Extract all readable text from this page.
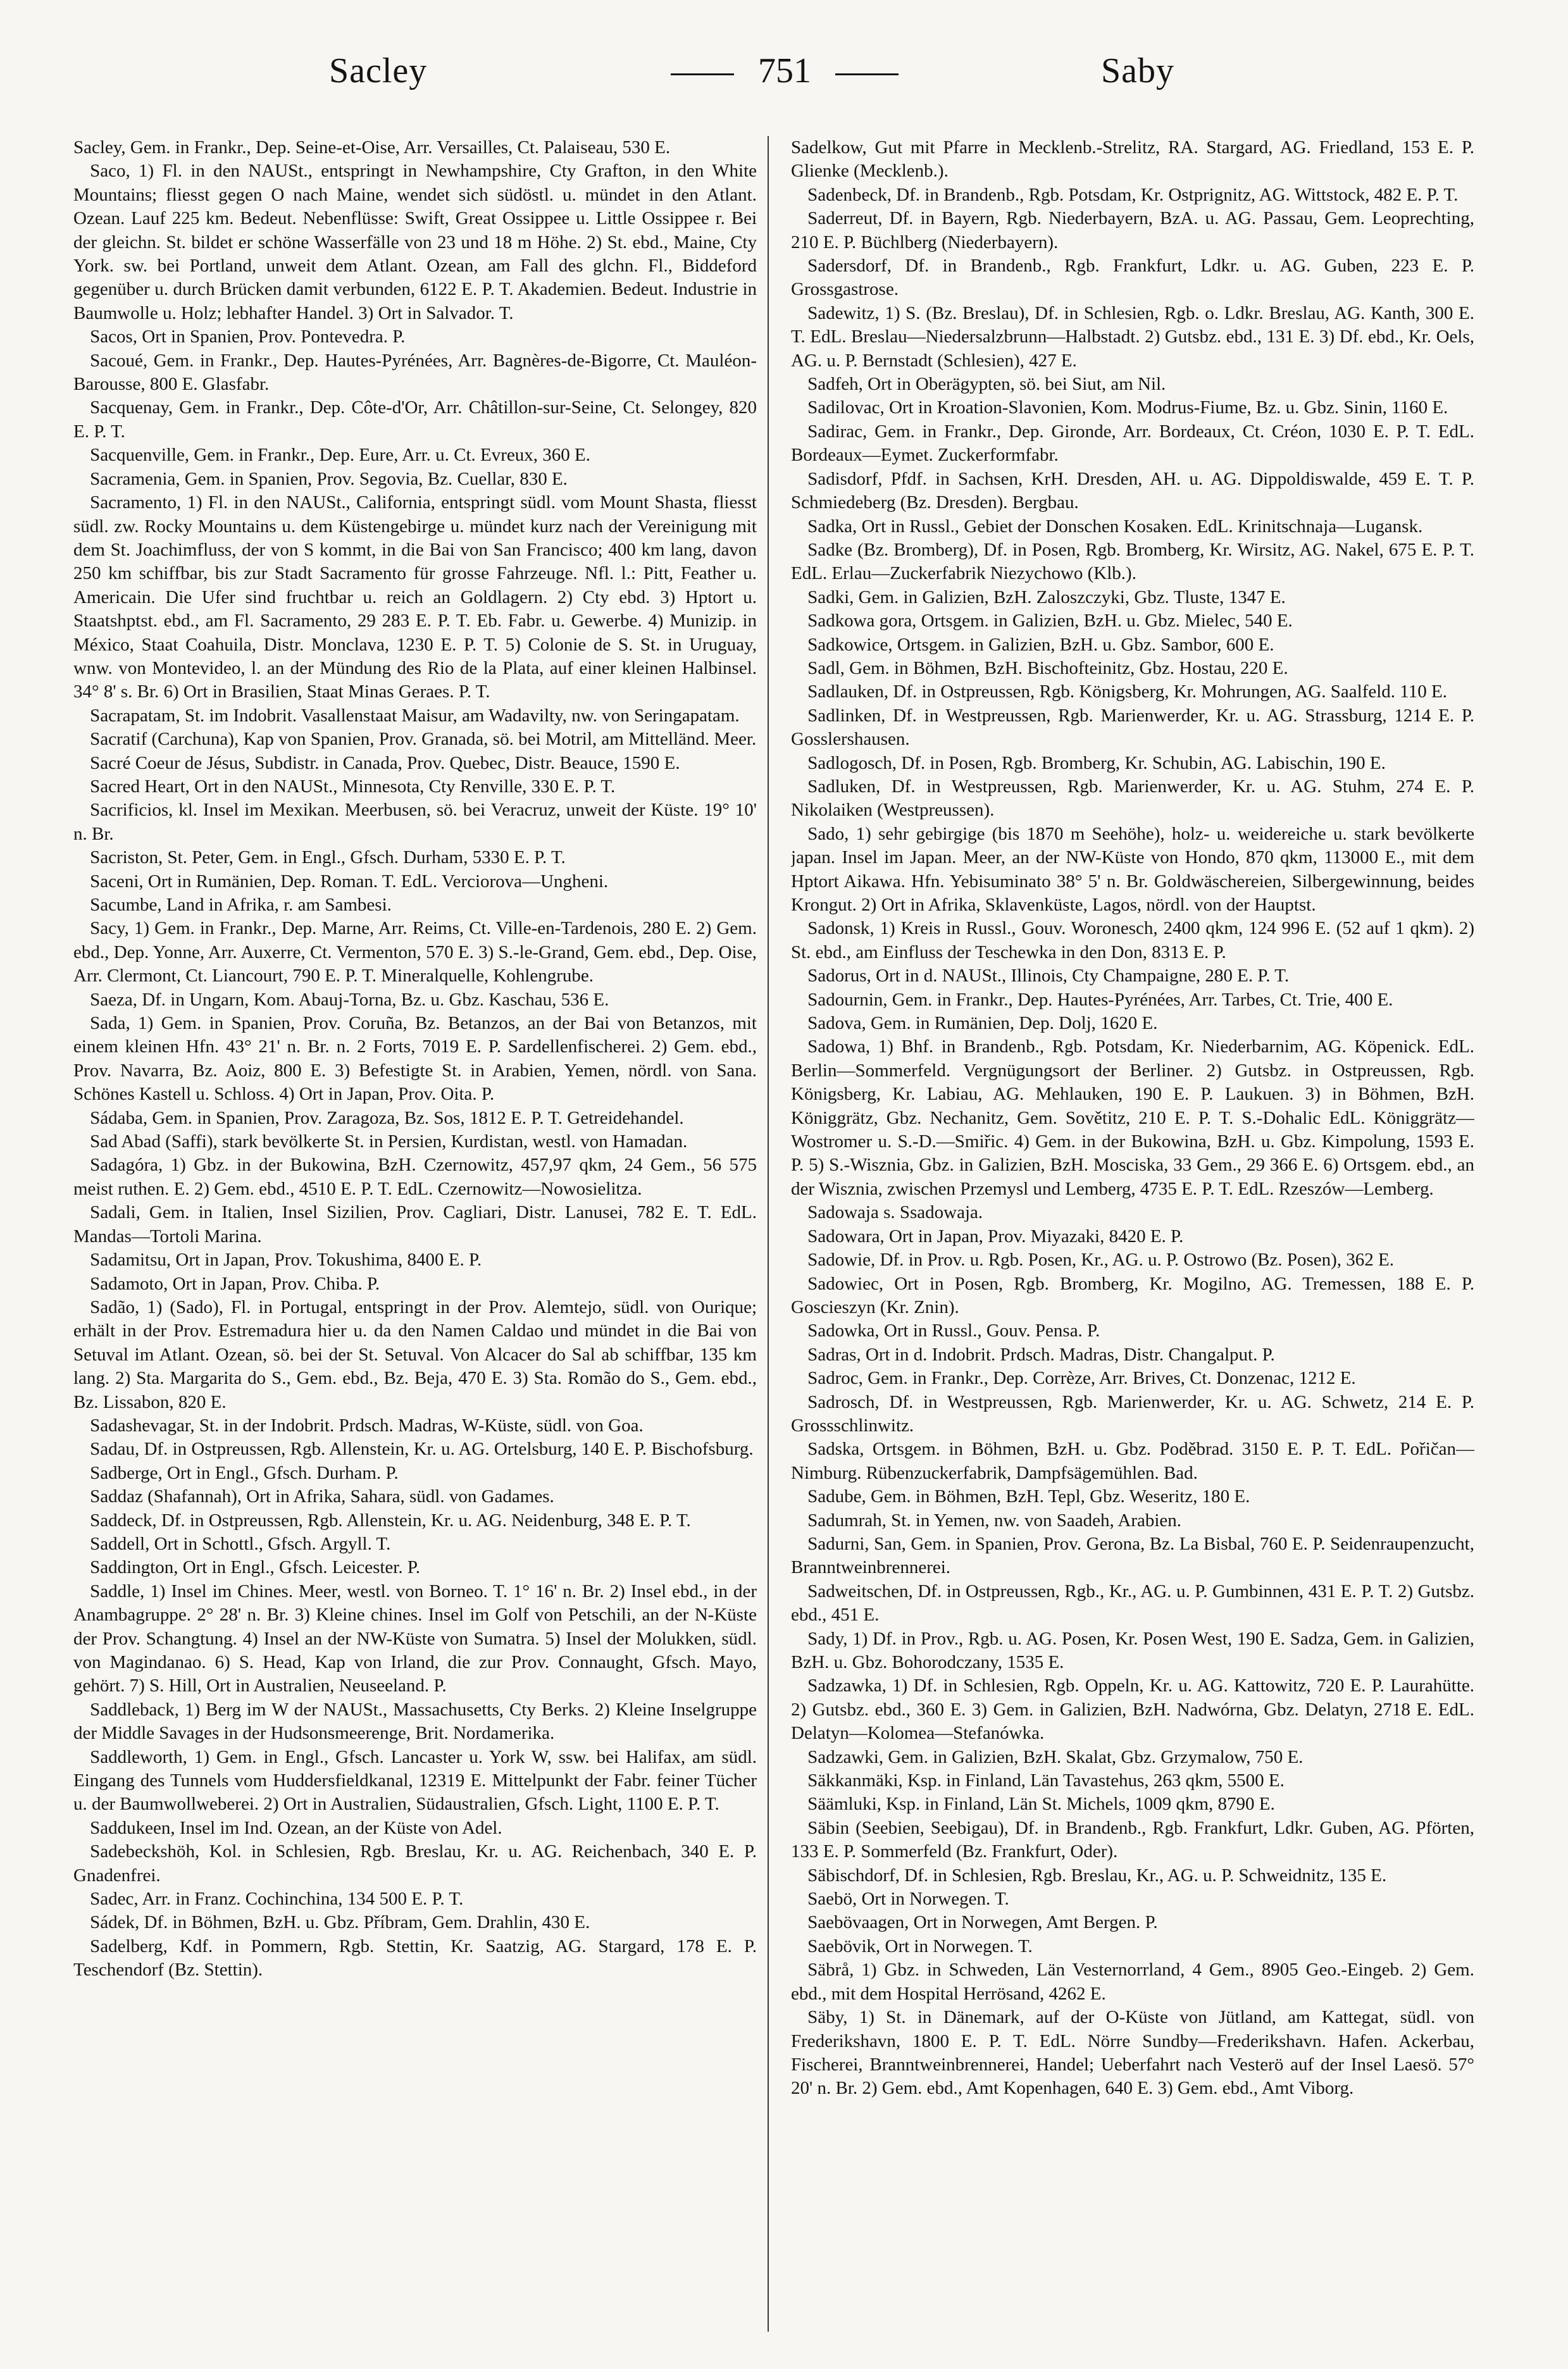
Sacley	751	Saby

Sacley, Gem. in Frankr., Dep. Seine-et-Oise, Arr. Versailles, Ct. Palaiseau, 530 E.

Saco, 1) Fl. in den NAUSt., entspringt in Newhampshire, Cty Grafton, in den White Mountains; fliesst gegen O nach Maine, wendet sich südöstl. u. mündet in den Atlant. Ozean. Lauf 225 km. Bedeut. Nebenflüsse: Swift, Great Ossippee u. Little Ossippee r. Bei der gleichn. St. bildet er schöne Wasserfälle von 23 und 18 m Höhe. 2) St. ebd., Maine, Cty York. sw. bei Portland, unweit dem Atlant. Ozean, am Fall des glchn. Fl., Biddeford gegenüber u. durch Brücken damit verbunden, 6122 E. P. T. Akademien. Bedeut. Industrie in Baumwolle u. Holz; lebhafter Handel. 3) Ort in Salvador. T.

Sacos, Ort in Spanien, Prov. Pontevedra. P.

Sacoué, Gem. in Frankr., Dep. Hautes-Pyrénées, Arr. Bagnères-de-Bigorre, Ct. Mauléon-Barousse, 800 E. Glasfabr.

Sacquenay, Gem. in Frankr., Dep. Côte-d'Or, Arr. Châtillon-sur-Seine, Ct. Selongey, 820 E. P. T.

Sacquenville, Gem. in Frankr., Dep. Eure, Arr. u. Ct. Evreux, 360 E.

Sacramenia, Gem. in Spanien, Prov. Segovia, Bz. Cuellar, 830 E.

Sacramento, 1) Fl. in den NAUSt., California, entspringt südl. vom Mount Shasta, fliesst südl. zw. Rocky Mountains u. dem Küstengebirge u. mündet kurz nach der Vereinigung mit dem St. Joachimfluss, der von S kommt, in die Bai von San Francisco; 400 km lang, davon 250 km schiffbar, bis zur Stadt Sacramento für grosse Fahrzeuge. Nfl. l.: Pitt, Feather u. Americain. Die Ufer sind fruchtbar u. reich an Goldlagern. 2) Cty ebd. 3) Hptort u. Staatshptst. ebd., am Fl. Sacramento, 29 283 E. P. T. Eb. Fabr. u. Gewerbe. 4) Munizip. in México, Staat Coahuila, Distr. Monclava, 1230 E. P. T. 5) Colonie de S. St. in Uruguay, wnw. von Montevideo, l. an der Mündung des Rio de la Plata, auf einer kleinen Halbinsel. 34° 8' s. Br. 6) Ort in Brasilien, Staat Minas Geraes. P. T.

Sacrapatam, St. im Indobrit. Vasallenstaat Maisur, am Wadavilty, nw. von Seringapatam.

Sacratif (Carchuna), Kap von Spanien, Prov. Granada, sö. bei Motril, am Mittelländ. Meer.

Sacré Coeur de Jésus, Subdistr. in Canada, Prov. Quebec, Distr. Beauce, 1590 E.

Sacred Heart, Ort in den NAUSt., Minnesota, Cty Renville, 330 E. P. T.

Sacrificios, kl. Insel im Mexikan. Meerbusen, sö. bei Veracruz, unweit der Küste. 19° 10' n. Br.

Sacriston, St. Peter, Gem. in Engl., Gfsch. Durham, 5330 E. P. T.

Saceni, Ort in Rumänien, Dep. Roman. T. EdL. Verciorova—Ungheni.

Sacumbe, Land in Afrika, r. am Sambesi.

Sacy, 1) Gem. in Frankr., Dep. Marne, Arr. Reims, Ct. Ville-en-Tardenois, 280 E. 2) Gem. ebd., Dep. Yonne, Arr. Auxerre, Ct. Vermenton, 570 E. 3) S.-le-Grand, Gem. ebd., Dep. Oise, Arr. Clermont, Ct. Liancourt, 790 E. P. T. Mineralquelle, Kohlengrube.

Saeza, Df. in Ungarn, Kom. Abauj-Torna, Bz. u. Gbz. Kaschau, 536 E.

Sada, 1) Gem. in Spanien, Prov. Coruña, Bz. Betanzos, an der Bai von Betanzos, mit einem kleinen Hfn. 43° 21' n. Br. n. 2 Forts, 7019 E. P. Sardellenfischerei. 2) Gem. ebd., Prov. Navarra, Bz. Aoiz, 800 E. 3) Befestigte St. in Arabien, Yemen, nördl. von Sana. Schönes Kastell u. Schloss. 4) Ort in Japan, Prov. Oita. P.

Sádaba, Gem. in Spanien, Prov. Zaragoza, Bz. Sos, 1812 E. P. T. Getreidehandel.

Sad Abad (Saffi), stark bevölkerte St. in Persien, Kurdistan, westl. von Hamadan.

Sadagóra, 1) Gbz. in der Bukowina, BzH. Czernowitz, 457,97 qkm, 24 Gem., 56 575 meist ruthen. E. 2) Gem. ebd., 4510 E. P. T. EdL. Czernowitz—Nowosielitza.

Sadali, Gem. in Italien, Insel Sizilien, Prov. Cagliari, Distr. Lanusei, 782 E. T. EdL. Mandas—Tortoli Marina.

Sadamitsu, Ort in Japan, Prov. Tokushima, 8400 E. P.

Sadamoto, Ort in Japan, Prov. Chiba. P.

Sadão, 1) (Sado), Fl. in Portugal, entspringt in der Prov. Alemtejo, südl. von Ourique; erhält in der Prov. Estremadura hier u. da den Namen Caldao und mündet in die Bai von Setuval im Atlant. Ozean, sö. bei der St. Setuval. Von Alcacer do Sal ab schiffbar, 135 km lang. 2) Sta. Margarita do S., Gem. ebd., Bz. Beja, 470 E. 3) Sta. Romão do S., Gem. ebd., Bz. Lissabon, 820 E.

Sadashevagar, St. in der Indobrit. Prdsch. Madras, W-Küste, südl. von Goa.

Sadau, Df. in Ostpreussen, Rgb. Allenstein, Kr. u. AG. Ortelsburg, 140 E. P. Bischofsburg.

Sadberge, Ort in Engl., Gfsch. Durham. P.

Saddaz (Shafannah), Ort in Afrika, Sahara, südl. von Gadames.

Saddeck, Df. in Ostpreussen, Rgb. Allenstein, Kr. u. AG. Neidenburg, 348 E. P. T.

Saddell, Ort in Schottl., Gfsch. Argyll. T.

Saddington, Ort in Engl., Gfsch. Leicester. P.

Saddle, 1) Insel im Chines. Meer, westl. von Borneo. T. 1° 16' n. Br. 2) Insel ebd., in der Anambagruppe. 2° 28' n. Br. 3) Kleine chines. Insel im Golf von Petschili, an der N-Küste der Prov. Schangtung. 4) Insel an der NW-Küste von Sumatra. 5) Insel der Molukken, südl. von Magindanao. 6) S. Head, Kap von Irland, die zur Prov. Connaught, Gfsch. Mayo, gehört. 7) S. Hill, Ort in Australien, Neuseeland. P.

Saddleback, 1) Berg im W der NAUSt., Massachusetts, Cty Berks. 2) Kleine Inselgruppe der Middle Savages in der Hudsonsmeerenge, Brit. Nordamerika.

Saddleworth, 1) Gem. in Engl., Gfsch. Lancaster u. York W, ssw. bei Halifax, am südl. Eingang des Tunnels vom Huddersfieldkanal, 12319 E. Mittelpunkt der Fabr. feiner Tücher u. der Baumwollweberei. 2) Ort in Australien, Südaustralien, Gfsch. Light, 1100 E. P. T.

Saddukeen, Insel im Ind. Ozean, an der Küste von Adel.

Sadebeckshöh, Kol. in Schlesien, Rgb. Breslau, Kr. u. AG. Reichenbach, 340 E. P. Gnadenfrei.

Sadec, Arr. in Franz. Cochinchina, 134 500 E. P. T.

Sádek, Df. in Böhmen, BzH. u. Gbz. Příbram, Gem. Drahlin, 430 E.

Sadelberg, Kdf. in Pommern, Rgb. Stettin, Kr. Saatzig, AG. Stargard, 178 E. P. Teschendorf (Bz. Stettin).

Sadelkow, Gut mit Pfarre in Mecklenb.-Strelitz, RA. Stargard, AG. Friedland, 153 E. P. Glienke (Mecklenb.).

Sadenbeck, Df. in Brandenb., Rgb. Potsdam, Kr. Ostprignitz, AG. Wittstock, 482 E. P. T.

Saderreut, Df. in Bayern, Rgb. Niederbayern, BzA. u. AG. Passau, Gem. Leoprechting, 210 E. P. Büchlberg (Niederbayern).

Sadersdorf, Df. in Brandenb., Rgb. Frankfurt, Ldkr. u. AG. Guben, 223 E. P. Grossgastrose.

Sadewitz, 1) S. (Bz. Breslau), Df. in Schlesien, Rgb. o. Ldkr. Breslau, AG. Kanth, 300 E. T. EdL. Breslau—Niedersalzbrunn—Halbstadt. 2) Gutsbz. ebd., 131 E. 3) Df. ebd., Kr. Oels, AG. u. P. Bernstadt (Schlesien), 427 E.

Sadfeh, Ort in Oberägypten, sö. bei Siut, am Nil.

Sadilovac, Ort in Kroation-Slavonien, Kom. Modrus-Fiume, Bz. u. Gbz. Sinin, 1160 E.

Sadirac, Gem. in Frankr., Dep. Gironde, Arr. Bordeaux, Ct. Créon, 1030 E. P. T. EdL. Bordeaux—Eymet. Zuckerformfabr.

Sadisdorf, Pfdf. in Sachsen, KrH. Dresden, AH. u. AG. Dippoldiswalde, 459 E. T. P. Schmiedeberg (Bz. Dresden). Bergbau.

Sadka, Ort in Russl., Gebiet der Donschen Kosaken. EdL. Krinitschnaja—Lugansk.

Sadke (Bz. Bromberg), Df. in Posen, Rgb. Bromberg, Kr. Wirsitz, AG. Nakel, 675 E. P. T. EdL. Erlau—Zuckerfabrik Niezychowo (Klb.).

Sadki, Gem. in Galizien, BzH. Zaloszczyki, Gbz. Tluste, 1347 E.

Sadkowa gora, Ortsgem. in Galizien, BzH. u. Gbz. Mielec, 540 E.

Sadkowice, Ortsgem. in Galizien, BzH. u. Gbz. Sambor, 600 E.

Sadl, Gem. in Böhmen, BzH. Bischofteinitz, Gbz. Hostau, 220 E.

Sadlauken, Df. in Ostpreussen, Rgb. Königsberg, Kr. Mohrungen, AG. Saalfeld. 110 E.

Sadlinken, Df. in Westpreussen, Rgb. Marienwerder, Kr. u. AG. Strassburg, 1214 E. P. Gosslershausen.

Sadlogosch, Df. in Posen, Rgb. Bromberg, Kr. Schubin, AG. Labischin, 190 E.

Sadluken, Df. in Westpreussen, Rgb. Marienwerder, Kr. u. AG. Stuhm, 274 E. P. Nikolaiken (Westpreussen).

Sado, 1) sehr gebirgige (bis 1870 m Seehöhe), holz- u. weidereiche u. stark bevölkerte japan. Insel im Japan. Meer, an der NW-Küste von Hondo, 870 qkm, 113000 E., mit dem Hptort Aikawa. Hfn. Yebisuminato 38° 5' n. Br. Goldwäschereien, Silbergewinnung, beides Krongut. 2) Ort in Afrika, Sklavenküste, Lagos, nördl. von der Hauptst.

Sadonsk, 1) Kreis in Russl., Gouv. Woronesch, 2400 qkm, 124 996 E. (52 auf 1 qkm). 2) St. ebd., am Einfluss der Teschewka in den Don, 8313 E. P.

Sadorus, Ort in d. NAUSt., Illinois, Cty Champaigne, 280 E. P. T.

Sadournin, Gem. in Frankr., Dep. Hautes-Pyrénées, Arr. Tarbes, Ct. Trie, 400 E.

Sadova, Gem. in Rumänien, Dep. Dolj, 1620 E.

Sadowa, 1) Bhf. in Brandenb., Rgb. Potsdam, Kr. Niederbarnim, AG. Köpenick. EdL. Berlin—Sommerfeld. Vergnügungsort der Berliner. 2) Gutsbz. in Ostpreussen, Rgb. Königsberg, Kr. Labiau, AG. Mehlauken, 190 E. P. Laukuen. 3) in Böhmen, BzH. Königgrätz, Gbz. Nechanitz, Gem. Sovětitz, 210 E. P. T. S.-Dohalic EdL. Königgrätz—Wostromer u. S.-D.—Smiřic. 4) Gem. in der Bukowina, BzH. u. Gbz. Kimpolung, 1593 E. P. 5) S.-Wisznia, Gbz. in Galizien, BzH. Mosciska, 33 Gem., 29 366 E. 6) Ortsgem. ebd., an der Wisznia, zwischen Przemysl und Lemberg, 4735 E. P. T. EdL. Rzeszów—Lemberg.

Sadowaja s. Ssadowaja.

Sadowara, Ort in Japan, Prov. Miyazaki, 8420 E. P.

Sadowie, Df. in Prov. u. Rgb. Posen, Kr., AG. u. P. Ostrowo (Bz. Posen), 362 E.

Sadowiec, Ort in Posen, Rgb. Bromberg, Kr. Mogilno, AG. Tremessen, 188 E. P. Goscieszyn (Kr. Znin).

Sadowka, Ort in Russl., Gouv. Pensa. P.

Sadras, Ort in d. Indobrit. Prdsch. Madras, Distr. Changalput. P.

Sadroc, Gem. in Frankr., Dep. Corrèze, Arr. Brives, Ct. Donzenac, 1212 E.

Sadrosch, Df. in Westpreussen, Rgb. Marienwerder, Kr. u. AG. Schwetz, 214 E. P. Grossschlinwitz.

Sadska, Ortsgem. in Böhmen, BzH. u. Gbz. Poděbrad. 3150 E. P. T. EdL. Pořičan—Nimburg. Rübenzuckerfabrik, Dampfsägemühlen. Bad.

Sadube, Gem. in Böhmen, BzH. Tepl, Gbz. Weseritz, 180 E.

Sadumrah, St. in Yemen, nw. von Saadeh, Arabien.

Sadurni, San, Gem. in Spanien, Prov. Gerona, Bz. La Bisbal, 760 E. P. Seidenraupenzucht, Branntweinbrennerei.

Sadweitschen, Df. in Ostpreussen, Rgb., Kr., AG. u. P. Gumbinnen, 431 E. P. T. 2) Gutsbz. ebd., 451 E.

Sady, 1) Df. in Prov., Rgb. u. AG. Posen, Kr. Posen West, 190 E. Sadza, Gem. in Galizien, BzH. u. Gbz. Bohorodczany, 1535 E.

Sadzawka, 1) Df. in Schlesien, Rgb. Oppeln, Kr. u. AG. Kattowitz, 720 E. P. Laurahütte. 2) Gutsbz. ebd., 360 E. 3) Gem. in Galizien, BzH. Nadwórna, Gbz. Delatyn, 2718 E. EdL. Delatyn—Kolomea—Stefanówka.

Sadzawki, Gem. in Galizien, BzH. Skalat, Gbz. Grzymalow, 750 E.

Säkkanmäki, Ksp. in Finland, Län Tavastehus, 263 qkm, 5500 E.

Säämluki, Ksp. in Finland, Län St. Michels, 1009 qkm, 8790 E.

Säbin (Seebien, Seebigau), Df. in Brandenb., Rgb. Frankfurt, Ldkr. Guben, AG. Pförten, 133 E. P. Sommerfeld (Bz. Frankfurt, Oder).

Säbischdorf, Df. in Schlesien, Rgb. Breslau, Kr., AG. u. P. Schweidnitz, 135 E.

Saebö, Ort in Norwegen. T.

Saebövaagen, Ort in Norwegen, Amt Bergen. P.

Saebövik, Ort in Norwegen. T.

Säbrå, 1) Gbz. in Schweden, Län Vesternorrland, 4 Gem., 8905 Geo.-Eingeb. 2) Gem. ebd., mit dem Hospital Herrösand, 4262 E.

Säby, 1) St. in Dänemark, auf der O-Küste von Jütland, am Kattegat, südl. von Frederikshavn, 1800 E. P. T. EdL. Nörre Sundby—Frederikshavn. Hafen. Ackerbau, Fischerei, Branntweinbrennerei, Handel; Ueberfahrt nach Vesterö auf der Insel Laesö. 57° 20' n. Br. 2) Gem. ebd., Amt Kopenhagen, 640 E. 3) Gem. ebd., Amt Viborg.
